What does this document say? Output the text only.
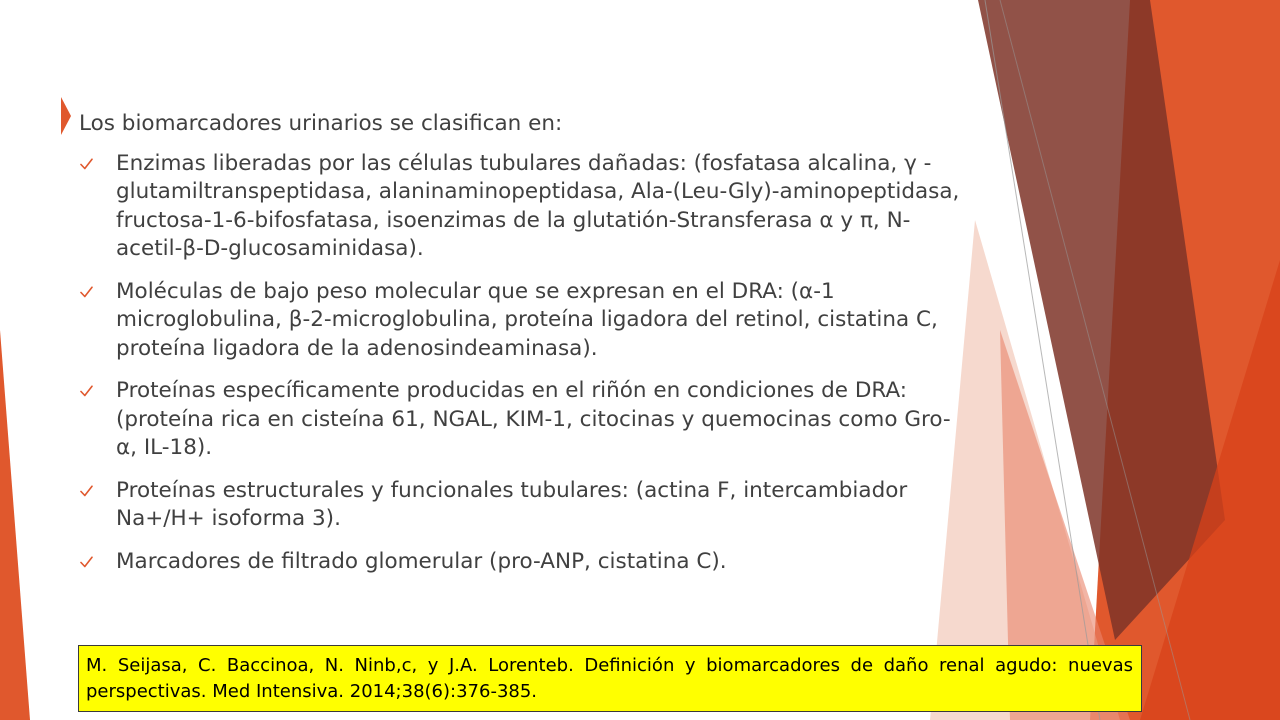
Los biomarcadores urinarios se clasifican en:
Enzimas liberadas por las células tubulares dañadas: (fosfatasa alcalina, γ -
glutamiltranspeptidasa, alaninaminopeptidasa, Ala-(Leu-Gly)-aminopeptidasa,
fructosa-1-6-bifosfatasa, isoenzimas de la glutatión-Stransferasa α y π, N-
acetil-β-D-glucosaminidasa).
Moléculas de bajo peso molecular que se expresan en el DRA: (α-1
microglobulina, β-2-microglobulina, proteína ligadora del retinol, cistatina C,
proteína ligadora de la adenosindeaminasa).
Proteínas específicamente producidas en el riñón en condiciones de DRA:
(proteína rica en cisteína 61, NGAL, KIM-1, citocinas y quemocinas como Gro-
α, IL-18).
Proteínas estructurales y funcionales tubulares: (actina F, intercambiador
Na+/H+ isoforma 3).
Marcadores de filtrado glomerular (pro-ANP, cistatina C).
M. Seijasa, C. Baccinoa, N. Ninb,c, y J.A. Lorenteb. Definición y biomarcadores de daño renal agudo: nuevas
perspectivas. Med Intensiva. 2014;38(6):376-385.
